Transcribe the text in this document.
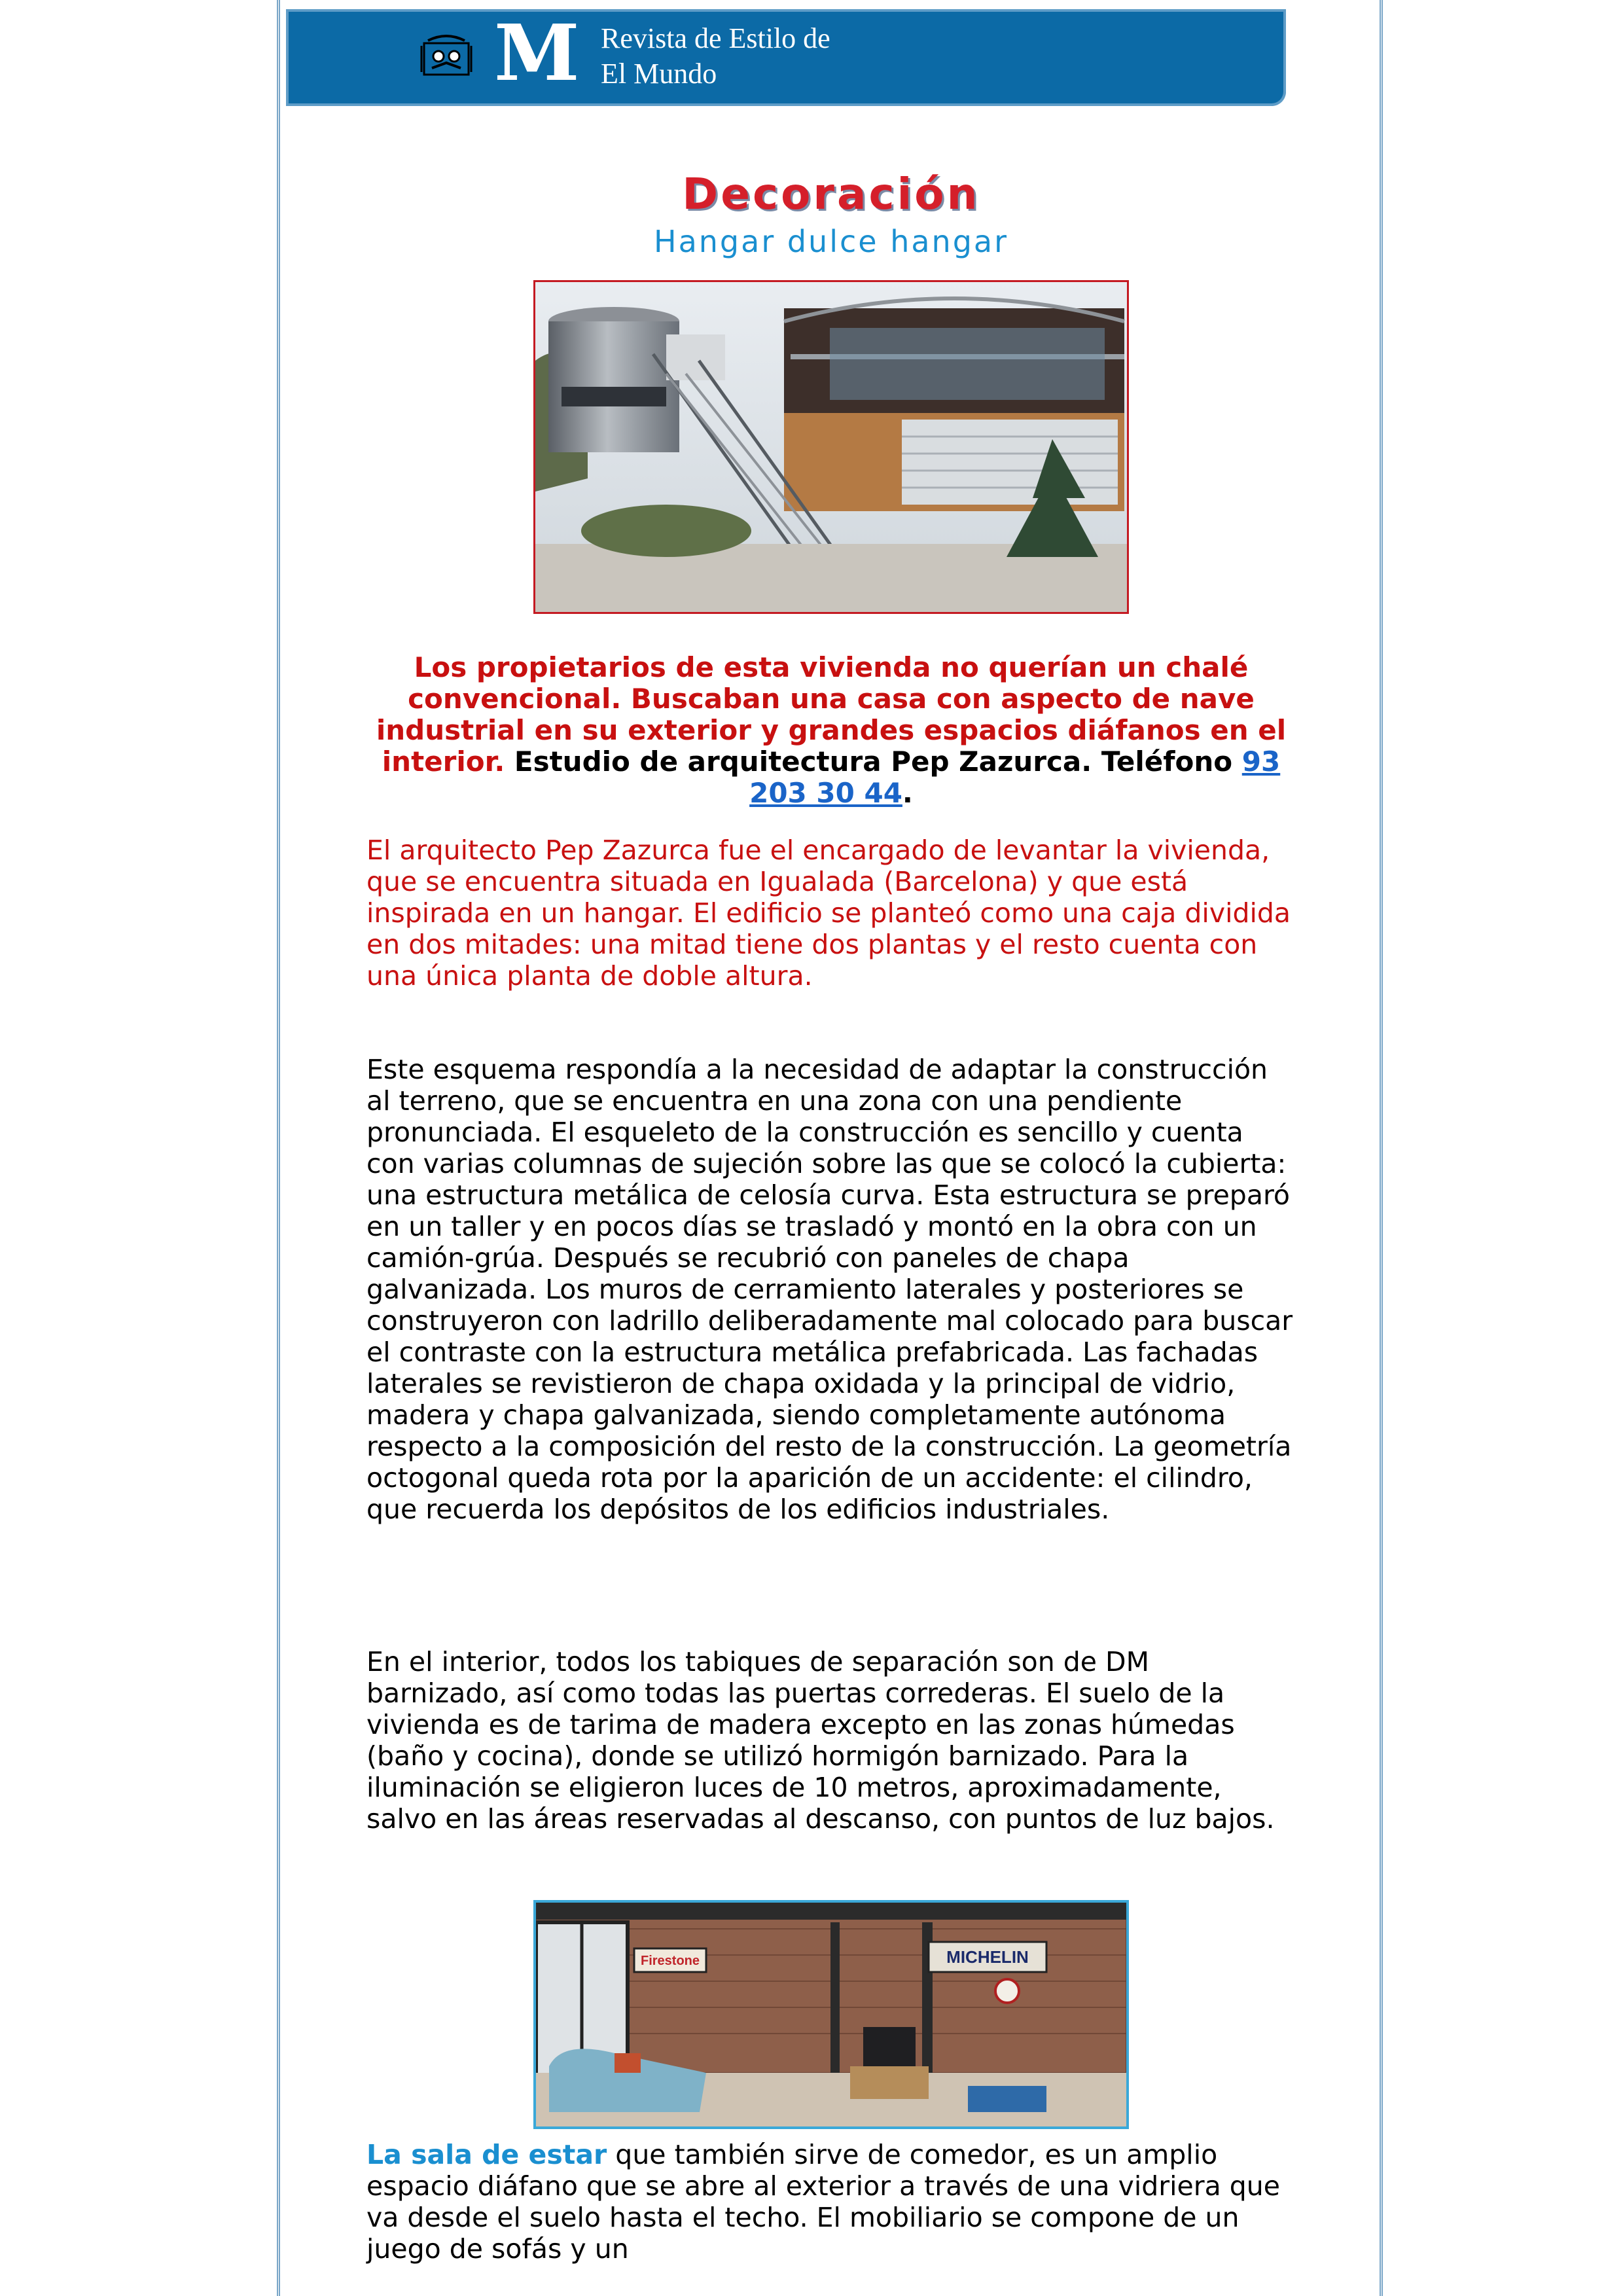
M Revista de Estilo de
El Mundo
Decoración
Hangar dulce hangar
Los propietarios de esta vivienda no querían un chalé convencional. Buscaban una casa con aspecto de nave industrial en su exterior y grandes espacios diáfanos en el interior. Estudio de arquitectura Pep Zazurca. Teléfono 93 203 30 44.
El arquitecto Pep Zazurca fue el encargado de levantar la vivienda, que se encuentra situada en Igualada (Barcelona) y que está inspirada en un hangar. El edificio se planteó como una caja dividida en dos mitades: una mitad tiene dos plantas y el resto cuenta con una única planta de doble altura.
Este esquema respondía a la necesidad de adaptar la construcción al terreno, que se encuentra en una zona con una pendiente pronunciada. El esqueleto de la construcción es sencillo y cuenta con varias columnas de sujeción sobre las que se colocó la cubierta: una estructura metálica de celosía curva. Esta estructura se preparó en un taller y en pocos días se trasladó y montó en la obra con un camión-grúa. Después se recubrió con paneles de chapa galvanizada. Los muros de cerramiento laterales y posteriores se construyeron con ladrillo deliberadamente mal colocado para buscar el contraste con la estructura metálica prefabricada. Las fachadas laterales se revistieron de chapa oxidada y la principal de vidrio, madera y chapa galvanizada, siendo completamente autónoma respecto a la composición del resto de la construcción. La geometría octogonal queda rota por la aparición de un accidente: el cilindro, que recuerda los depósitos de los edificios industriales.
En el interior, todos los tabiques de separación son de DM barnizado, así como todas las puertas correderas. El suelo de la vivienda es de tarima de madera excepto en las zonas húmedas (baño y cocina), donde se utilizó hormigón barnizado. Para la iluminación se eligieron luces de 10 metros, aproximadamente, salvo en las áreas reservadas al descanso, con puntos de luz bajos.
Firestone	MICHELIN
La sala de estar que también sirve de comedor, es un amplio espacio diáfano que se abre al exterior a través de una vidriera que va desde el suelo hasta el techo. El mobiliario se compone de un juego de sofás y un
